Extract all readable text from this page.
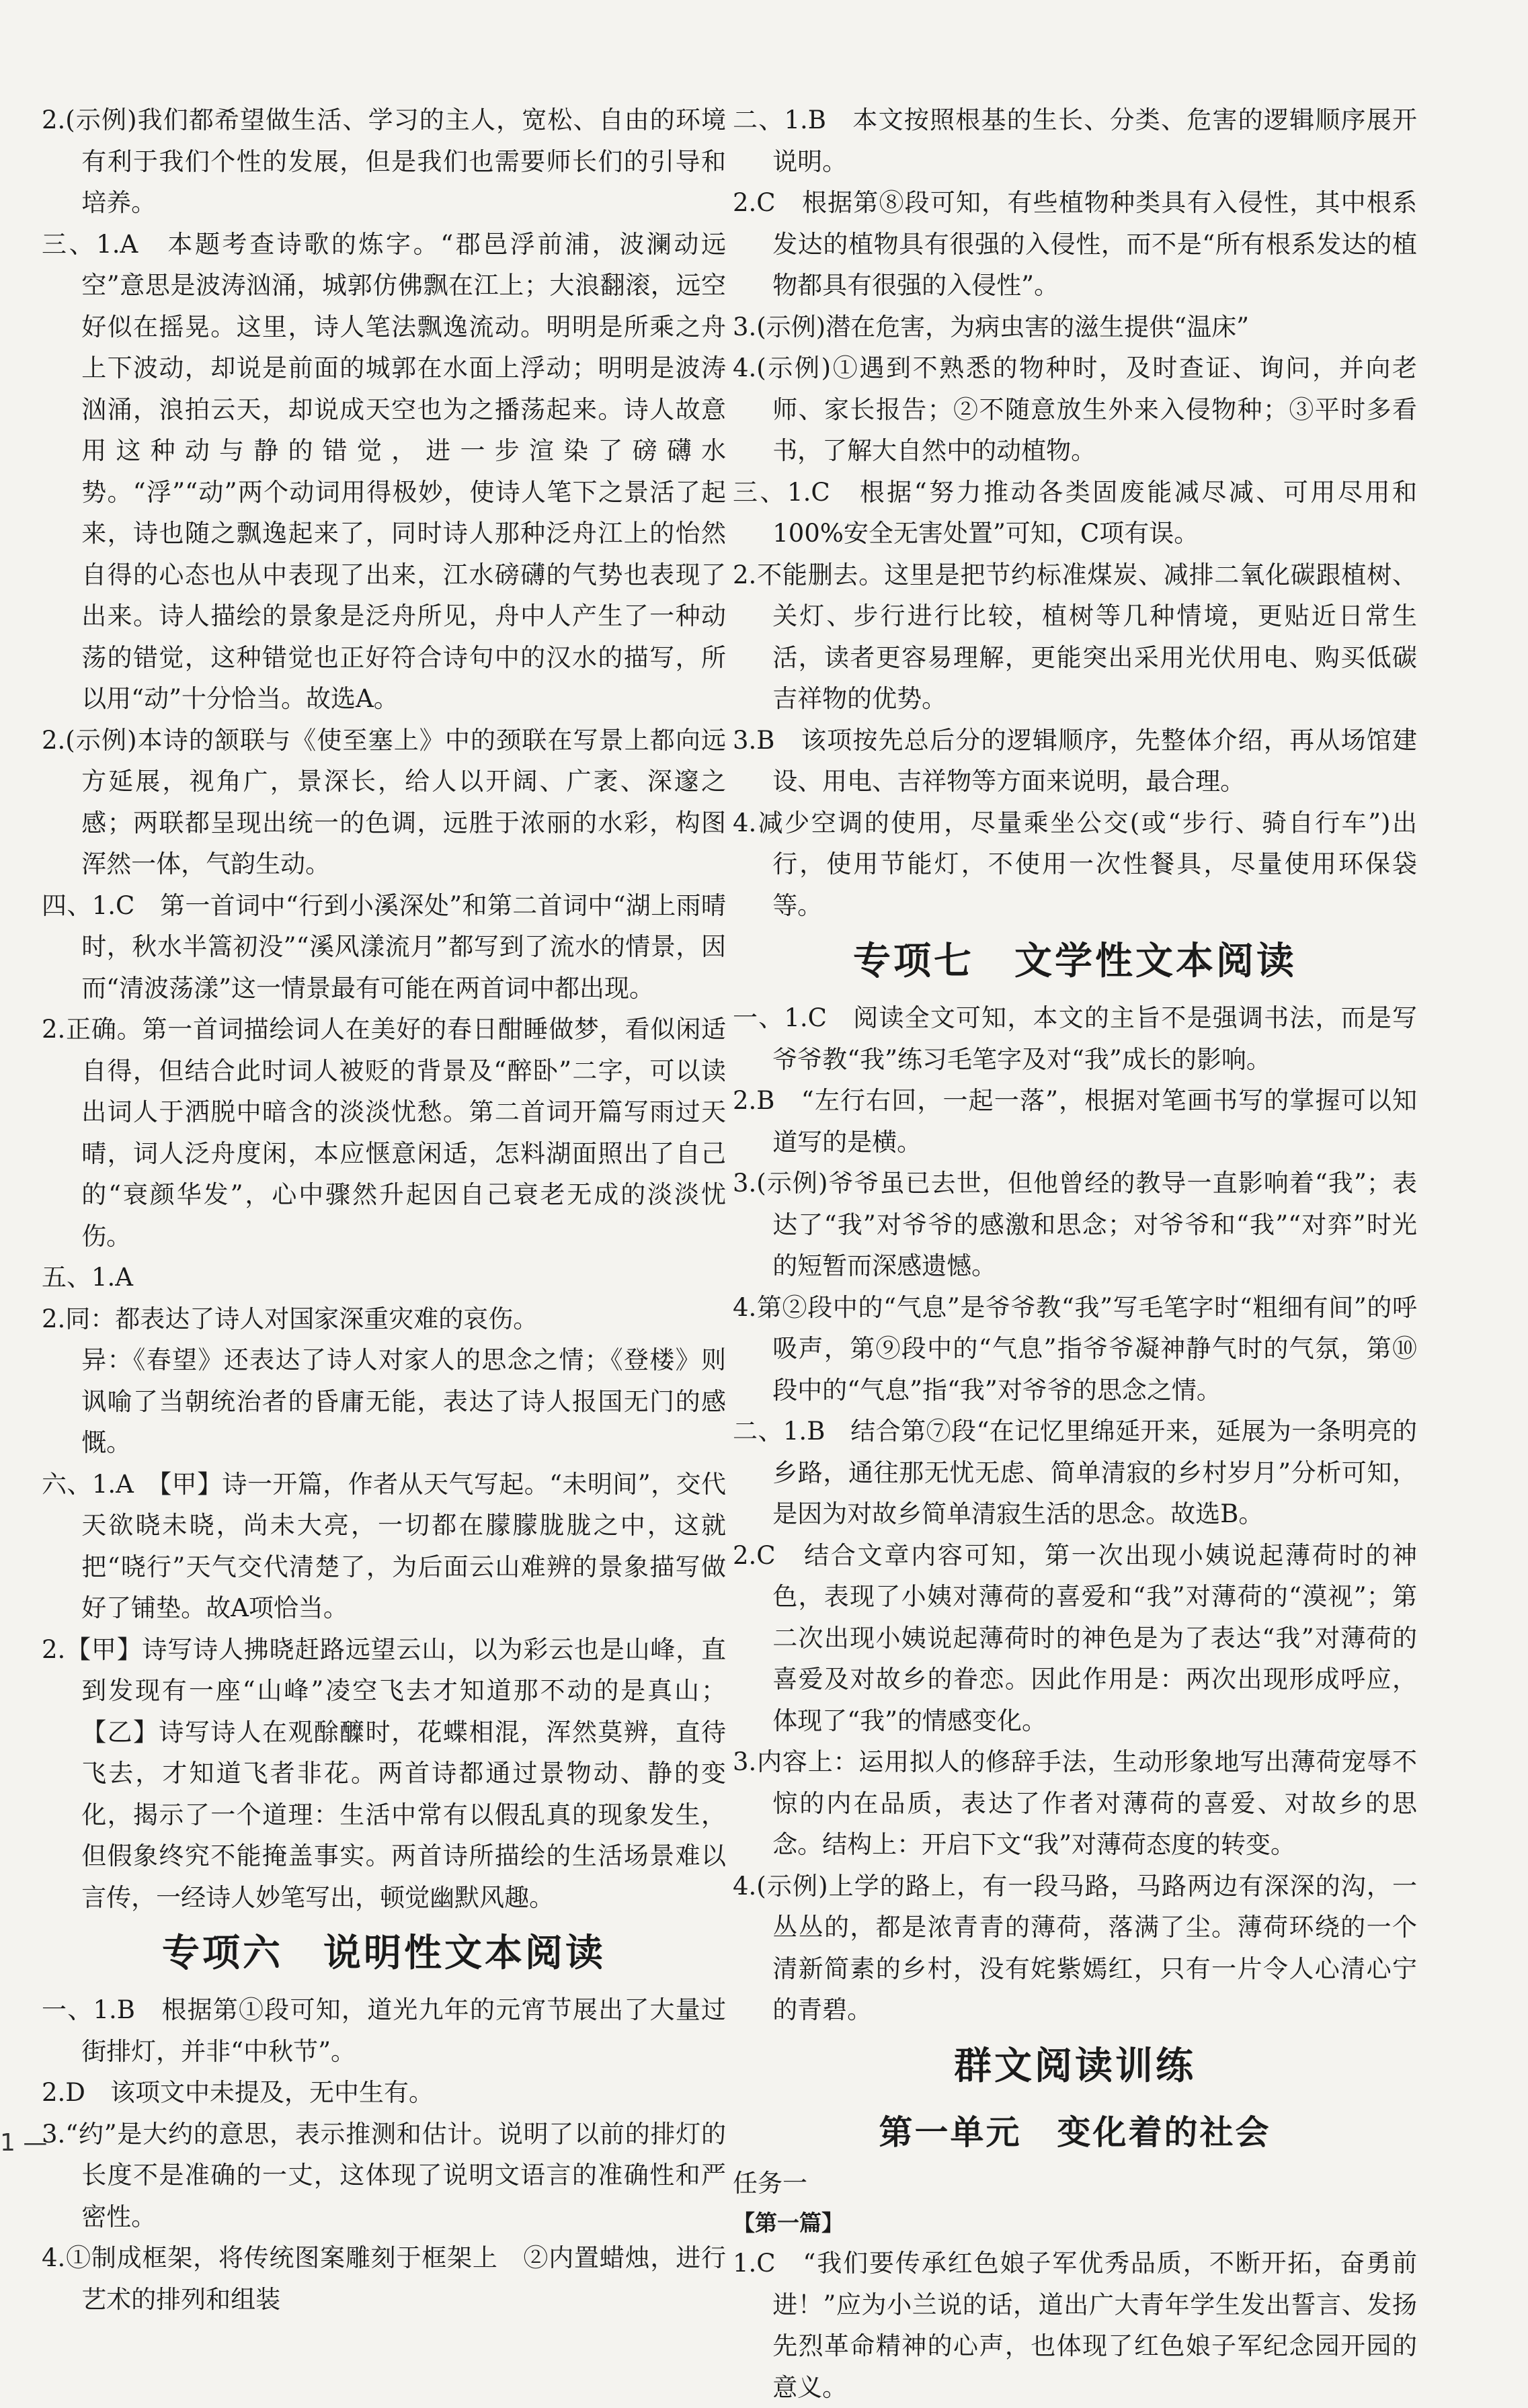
2.(示例)我们都希望做生活、学习的主人，宽松、自由的环境有利于我们个性的发展，但是我们也需要师长们的引导和培养。

三、1.A　本题考查诗歌的炼字。“郡邑浮前浦，波澜动远空”意思是波涛汹涌，城郭仿佛飘在江上；大浪翻滚，远空好似在摇晃。这里，诗人笔法飘逸流动。明明是所乘之舟上下波动，却说是前面的城郭在水面上浮动；明明是波涛汹涌，浪拍云天，却说成天空也为之播荡起来。诗人故意用这种动与静的错觉，进一步渲染了磅礴水势。“浮”“动”两个动词用得极妙，使诗人笔下之景活了起来，诗也随之飘逸起来了，同时诗人那种泛舟江上的怡然自得的心态也从中表现了出来，江水磅礴的气势也表现了出来。诗人描绘的景象是泛舟所见，舟中人产生了一种动荡的错觉，这种错觉也正好符合诗句中的汉水的描写，所以用“动”十分恰当。故选A。

2.(示例)本诗的颔联与《使至塞上》中的颈联在写景上都向远方延展，视角广，景深长，给人以开阔、广袤、深邃之感；两联都呈现出统一的色调，远胜于浓丽的水彩，构图浑然一体，气韵生动。

四、1.C　第一首词中“行到小溪深处”和第二首词中“湖上雨晴时，秋水半篙初没”“溪风漾流月”都写到了流水的情景，因而“清波荡漾”这一情景最有可能在两首词中都出现。

2.正确。第一首词描绘词人在美好的春日酣睡做梦，看似闲适自得，但结合此时词人被贬的背景及“醉卧”二字，可以读出词人于洒脱中暗含的淡淡忧愁。第二首词开篇写雨过天晴，词人泛舟度闲，本应惬意闲适，怎料湖面照出了自己的“衰颜华发”，心中骤然升起因自己衰老无成的淡淡忧伤。

五、1.A

2.同：都表达了诗人对国家深重灾难的哀伤。

异：《春望》还表达了诗人对家人的思念之情；《登楼》则讽喻了当朝统治者的昏庸无能，表达了诗人报国无门的感慨。

六、1.A　【甲】诗一开篇，作者从天气写起。“未明间”，交代天欲晓未晓，尚未大亮，一切都在朦朦胧胧之中，这就把“晓行”天气交代清楚了，为后面云山难辨的景象描写做好了铺垫。故A项恰当。

2.【甲】诗写诗人拂晓赶路远望云山，以为彩云也是山峰，直到发现有一座“山峰”凌空飞去才知道那不动的是真山；【乙】诗写诗人在观酴醾时，花蝶相混，浑然莫辨，直待飞去，才知道飞者非花。两首诗都通过景物动、静的变化，揭示了一个道理：生活中常有以假乱真的现象发生，但假象终究不能掩盖事实。两首诗所描绘的生活场景难以言传，一经诗人妙笔写出，顿觉幽默风趣。

专项六　说明性文本阅读

一、1.B　根据第①段可知，道光九年的元宵节展出了大量过街排灯，并非“中秋节”。

2.D　该项文中未提及，无中生有。

3.“约”是大约的意思，表示推测和估计。说明了以前的排灯的长度不是准确的一丈，这体现了说明文语言的准确性和严密性。

4.①制成框架，将传统图案雕刻于框架上　②内置蜡烛，进行艺术的排列和组装

二、1.B　本文按照根基的生长、分类、危害的逻辑顺序展开说明。

2.C　根据第⑧段可知，有些植物种类具有入侵性，其中根系发达的植物具有很强的入侵性，而不是“所有根系发达的植物都具有很强的入侵性”。

3.(示例)潜在危害，为病虫害的滋生提供“温床”

4.(示例)①遇到不熟悉的物种时，及时查证、询问，并向老师、家长报告；②不随意放生外来入侵物种；③平时多看书，了解大自然中的动植物。

三、1.C　根据“努力推动各类固废能减尽减、可用尽用和100%安全无害处置”可知，C项有误。

2.不能删去。这里是把节约标准煤炭、减排二氧化碳跟植树、关灯、步行进行比较，植树等几种情境，更贴近日常生活，读者更容易理解，更能突出采用光伏用电、购买低碳吉祥物的优势。

3.B　该项按先总后分的逻辑顺序，先整体介绍，再从场馆建设、用电、吉祥物等方面来说明，最合理。

4.减少空调的使用，尽量乘坐公交(或“步行、骑自行车”)出行，使用节能灯，不使用一次性餐具，尽量使用环保袋等。

专项七　文学性文本阅读

一、1.C　阅读全文可知，本文的主旨不是强调书法，而是写爷爷教“我”练习毛笔字及对“我”成长的影响。

2.B　“左行右回，一起一落”，根据对笔画书写的掌握可以知道写的是横。

3.(示例)爷爷虽已去世，但他曾经的教导一直影响着“我”；表达了“我”对爷爷的感激和思念；对爷爷和“我”“对弈”时光的短暂而深感遗憾。

4.第②段中的“气息”是爷爷教“我”写毛笔字时“粗细有间”的呼吸声，第⑨段中的“气息”指爷爷凝神静气时的气氛，第⑩段中的“气息”指“我”对爷爷的思念之情。

二、1.B　结合第⑦段“在记忆里绵延开来，延展为一条明亮的乡路，通往那无忧无虑、简单清寂的乡村岁月”分析可知，是因为对故乡简单清寂生活的思念。故选B。

2.C　结合文章内容可知，第一次出现小姨说起薄荷时的神色，表现了小姨对薄荷的喜爱和“我”对薄荷的“漠视”；第二次出现小姨说起薄荷时的神色是为了表达“我”对薄荷的喜爱及对故乡的眷恋。因此作用是：两次出现形成呼应，体现了“我”的情感变化。

3.内容上：运用拟人的修辞手法，生动形象地写出薄荷宠辱不惊的内在品质，表达了作者对薄荷的喜爱、对故乡的思念。结构上：开启下文“我”对薄荷态度的转变。

4.(示例)上学的路上，有一段马路，马路两边有深深的沟，一丛丛的，都是浓青青的薄荷，落满了尘。薄荷环绕的一个清新简素的乡村，没有姹紫嫣红，只有一片令人心清心宁的青碧。

群文阅读训练
第一单元　变化着的社会

任务一

【第一篇】

1.C　“我们要传承红色娘子军优秀品质，不断开拓，奋勇前进！”应为小兰说的话，道出广大青年学生发出誓言、发扬先烈革命精神的心声，也体现了红色娘子军纪念园开园的意义。

1 —
